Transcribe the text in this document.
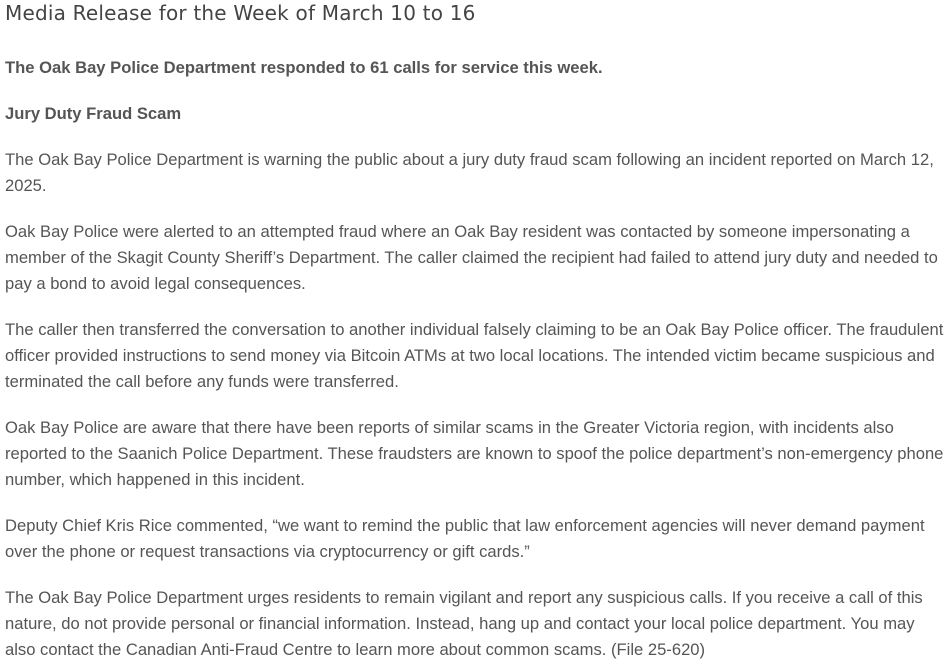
Media Release for the Week of March 10 to 16

The Oak Bay Police Department responded to 61 calls for service this week.

Jury Duty Fraud Scam

The Oak Bay Police Department is warning the public about a jury duty fraud scam following an incident reported on March 12, 2025.

Oak Bay Police were alerted to an attempted fraud where an Oak Bay resident was contacted by someone impersonating a member of the Skagit County Sheriff’s Department. The caller claimed the recipient had failed to attend jury duty and needed to pay a bond to avoid legal consequences.

The caller then transferred the conversation to another individual falsely claiming to be an Oak Bay Police officer. The fraudulent officer provided instructions to send money via Bitcoin ATMs at two local locations. The intended victim became suspicious and terminated the call before any funds were transferred.

Oak Bay Police are aware that there have been reports of similar scams in the Greater Victoria region, with incidents also reported to the Saanich Police Department. These fraudsters are known to spoof the police department’s non-emergency phone number, which happened in this incident.

Deputy Chief Kris Rice commented, “we want to remind the public that law enforcement agencies will never demand payment over the phone or request transactions via cryptocurrency or gift cards.”

The Oak Bay Police Department urges residents to remain vigilant and report any suspicious calls. If you receive a call of this nature, do not provide personal or financial information. Instead, hang up and contact your local police department. You may also contact the Canadian Anti-Fraud Centre to learn more about common scams. (File 25-620)
